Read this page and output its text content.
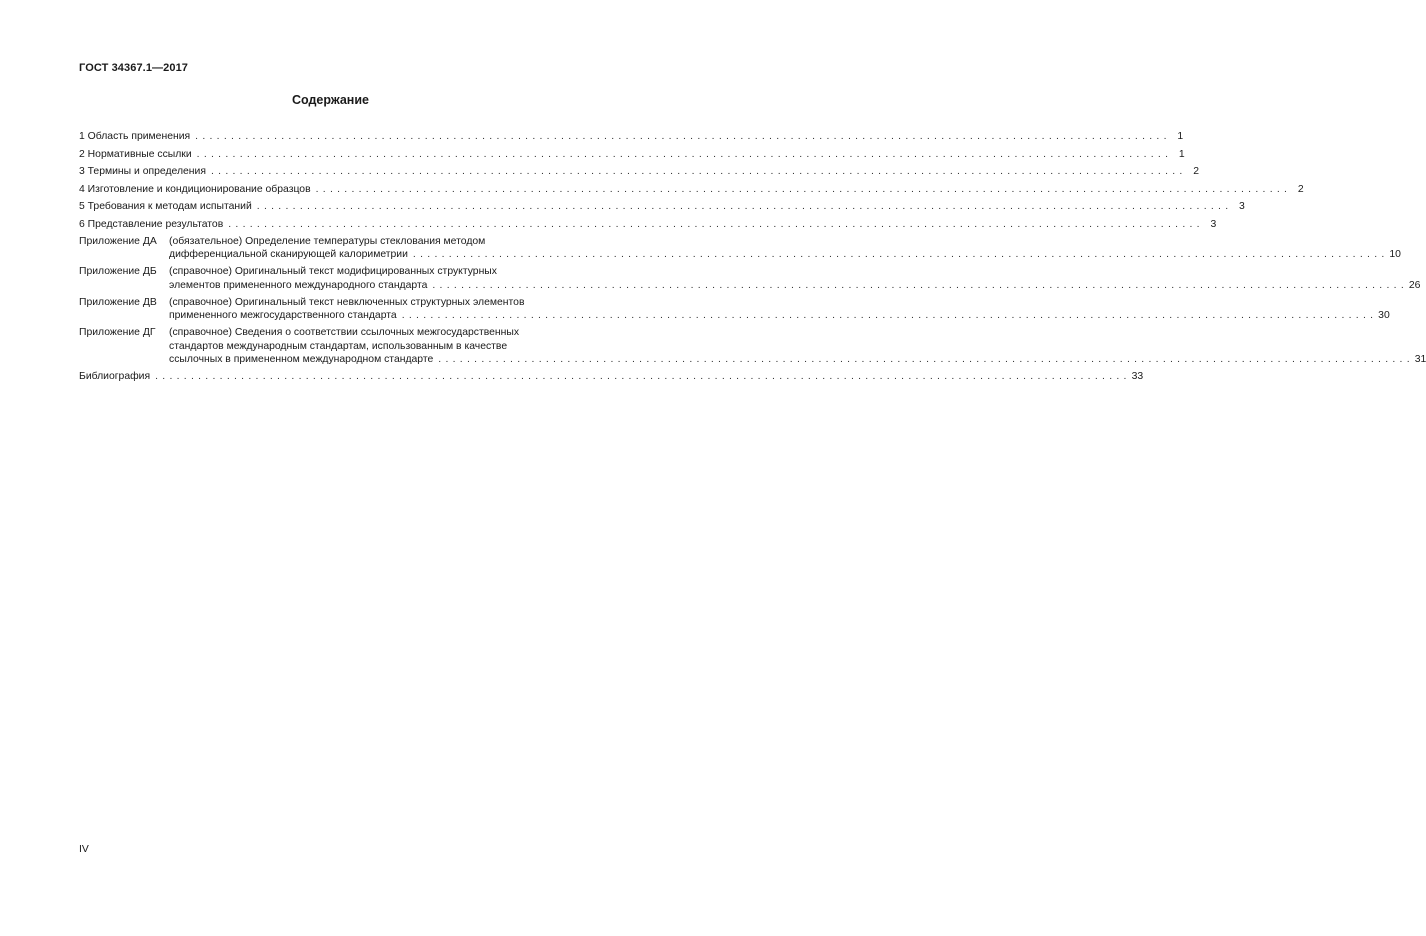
ГОСТ 34367.1—2017
Содержание
1 Область применения . . .	1
2 Нормативные ссылки . . .	1
3 Термины и определения . . .	2
4 Изготовление и кондиционирование образцов . . .	2
5 Требования к методам испытаний . . .	3
6 Представление результатов . . .	3
Приложение ДА	(обязательное) Определение температуры стеклования методом
дифференциальной сканирующей калориметрии . . .	10
Приложение ДБ	(справочное) Оригинальный текст модифицированных структурных
элементов примененного международного стандарта . . .	26
Приложение ДВ	(справочное) Оригинальный текст невключенных структурных элементов
примененного межгосударственного стандарта . . .	30
Приложение ДГ	(справочное) Сведения о соответствии ссылочных межгосударственных
стандартов международным стандартам, использованным в качестве
ссылочных в примененном международном стандарте . . .	31
Библиография . . .	33
IV
